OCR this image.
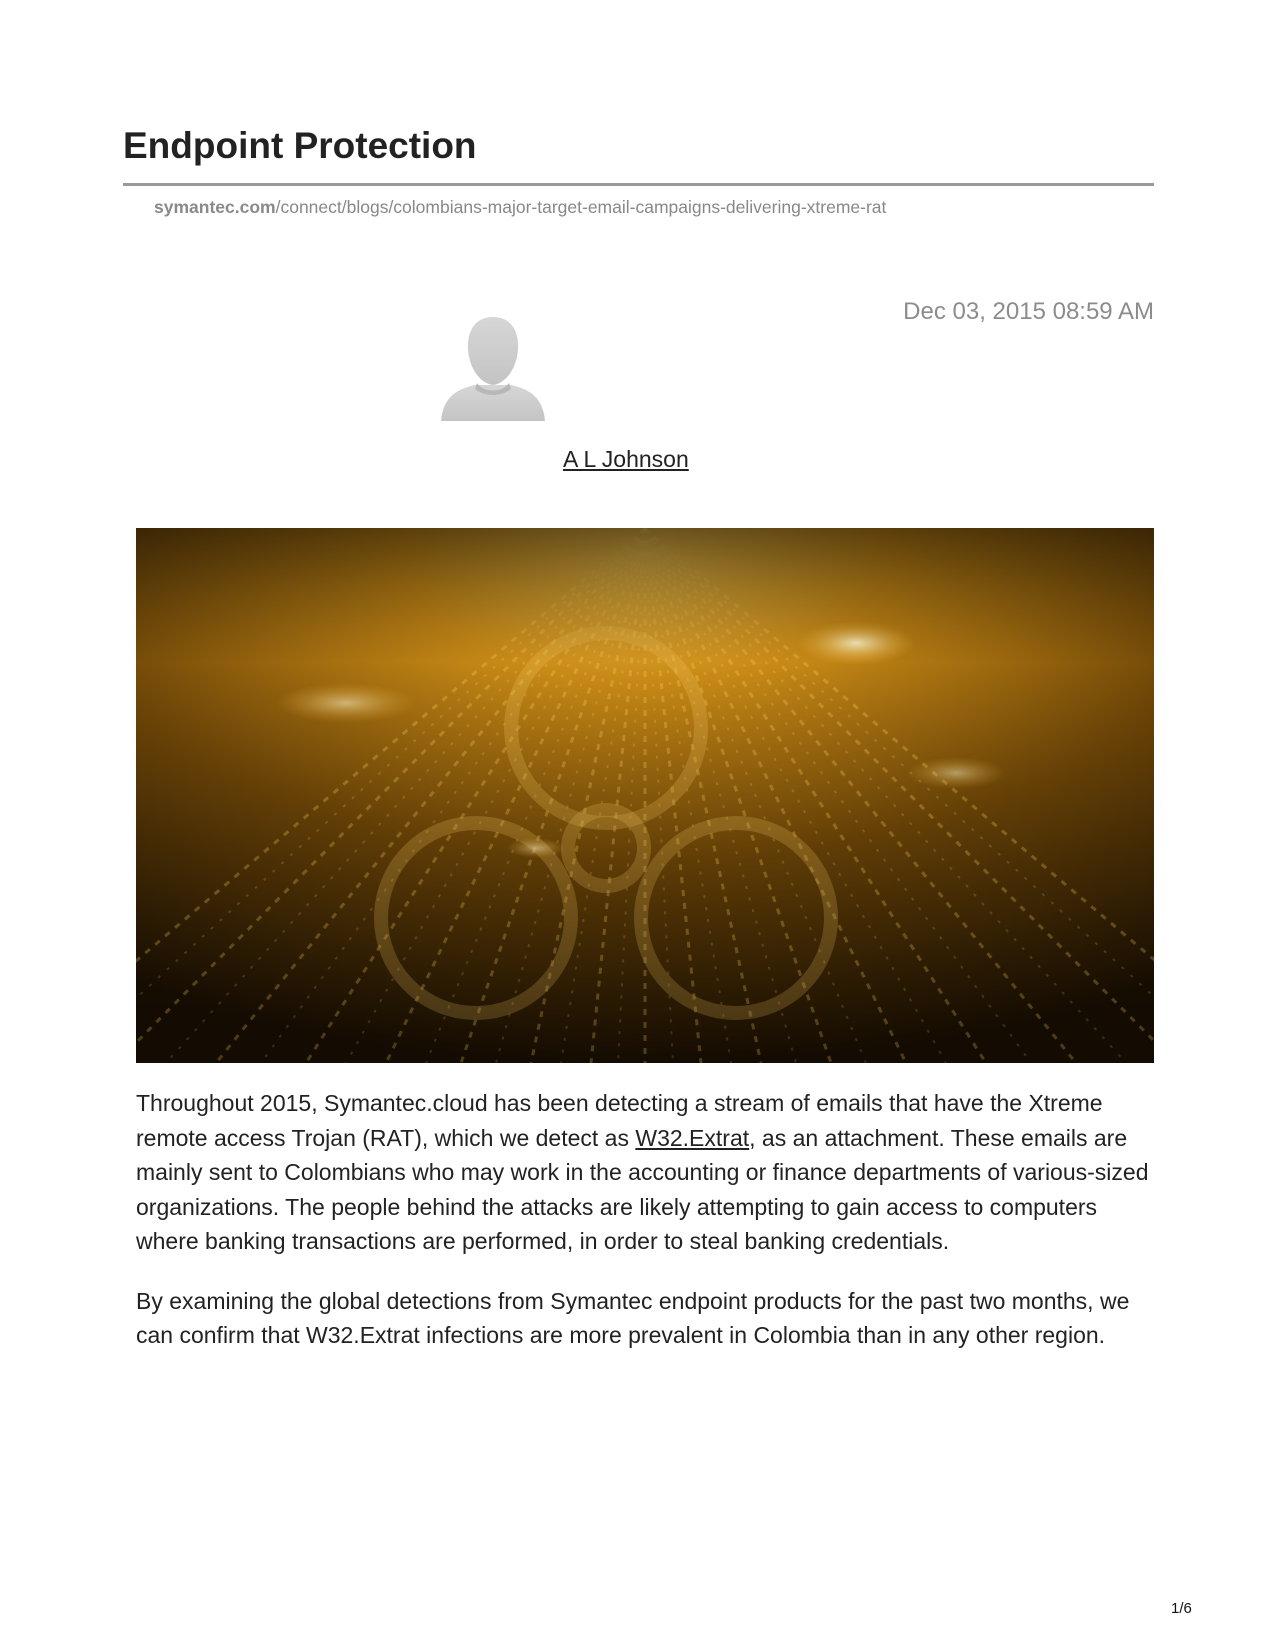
Endpoint Protection
symantec.com/connect/blogs/colombians-major-target-email-campaigns-delivering-xtreme-rat
Dec 03, 2015 08:59 AM
A L Johnson

Throughout 2015, Symantec.cloud has been detecting a stream of emails that have the Xtreme remote access Trojan (RAT), which we detect as W32.Extrat, as an attachment. These emails are mainly sent to Colombians who may work in the accounting or finance departments of various-sized organizations. The people behind the attacks are likely attempting to gain access to computers where banking transactions are performed, in order to steal banking credentials.

By examining the global detections from Symantec endpoint products for the past two months, we can confirm that W32.Extrat infections are more prevalent in Colombia than in any other region.

1/6
